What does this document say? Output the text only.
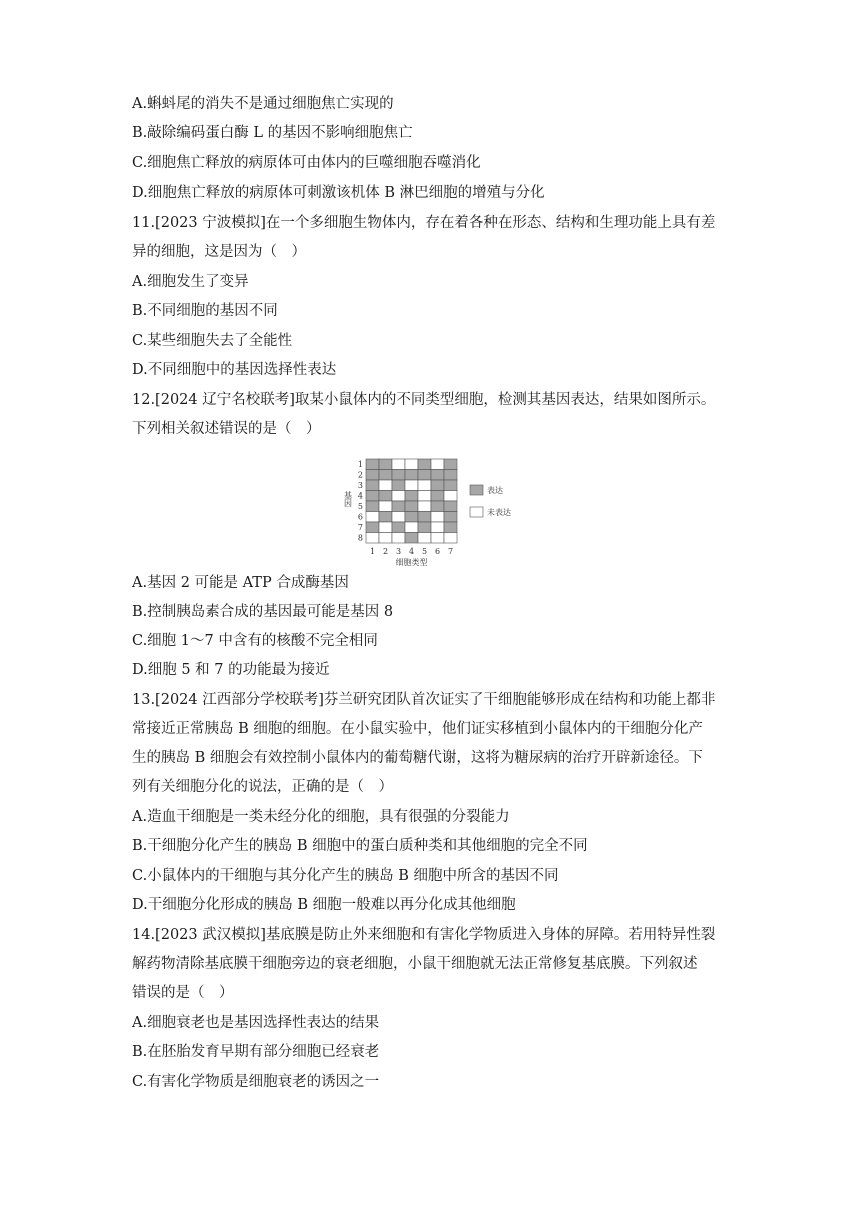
A.蝌蚪尾的消失不是通过细胞焦亡实现的
B.敲除编码蛋白酶 L 的基因不影响细胞焦亡
C.细胞焦亡释放的病原体可由体内的巨噬细胞吞噬消化
D.细胞焦亡释放的病原体可刺激该机体 B 淋巴细胞的增殖与分化
11.[2023 宁波模拟]在一个多细胞生物体内，存在着各种在形态、结构和生理功能上具有差
异的细胞，这是因为（　）
A.细胞发生了变异
B.不同细胞的基因不同
C.某些细胞失去了全能性
D.不同细胞中的基因选择性表达
12.[2024 辽宁名校联考]取某小鼠体内的不同类型细胞，检测其基因表达，结果如图所示。
下列相关叙述错误的是（　）
A.基因 2 可能是 ATP 合成酶基因
B.控制胰岛素合成的基因最可能是基因 8
C.细胞 1～7 中含有的核酸不完全相同
D.细胞 5 和 7 的功能最为接近
13.[2024 江西部分学校联考]芬兰研究团队首次证实了干细胞能够形成在结构和功能上都非
常接近正常胰岛 B 细胞的细胞。在小鼠实验中，他们证实移植到小鼠体内的干细胞分化产
生的胰岛 B 细胞会有效控制小鼠体内的葡萄糖代谢，这将为糖尿病的治疗开辟新途径。下
列有关细胞分化的说法，正确的是（　）
A.造血干细胞是一类未经分化的细胞，具有很强的分裂能力
B.干细胞分化产生的胰岛 B 细胞中的蛋白质种类和其他细胞的完全不同
C.小鼠体内的干细胞与其分化产生的胰岛 B 细胞中所含的基因不同
D.干细胞分化形成的胰岛 B 细胞一般难以再分化成其他细胞
14.[2023 武汉模拟]基底膜是防止外来细胞和有害化学物质进入身体的屏障。若用特异性裂
解药物清除基底膜干细胞旁边的衰老细胞，小鼠干细胞就无法正常修复基底膜。下列叙述
错误的是（　）
A.细胞衰老也是基因选择性表达的结果
B.在胚胎发育早期有部分细胞已经衰老
C.有害化学物质是细胞衰老的诱因之一
1
2
3
4
5
6
7
8
1 2 3 4 5 6 7
基因
细胞类型
表达
未表达
